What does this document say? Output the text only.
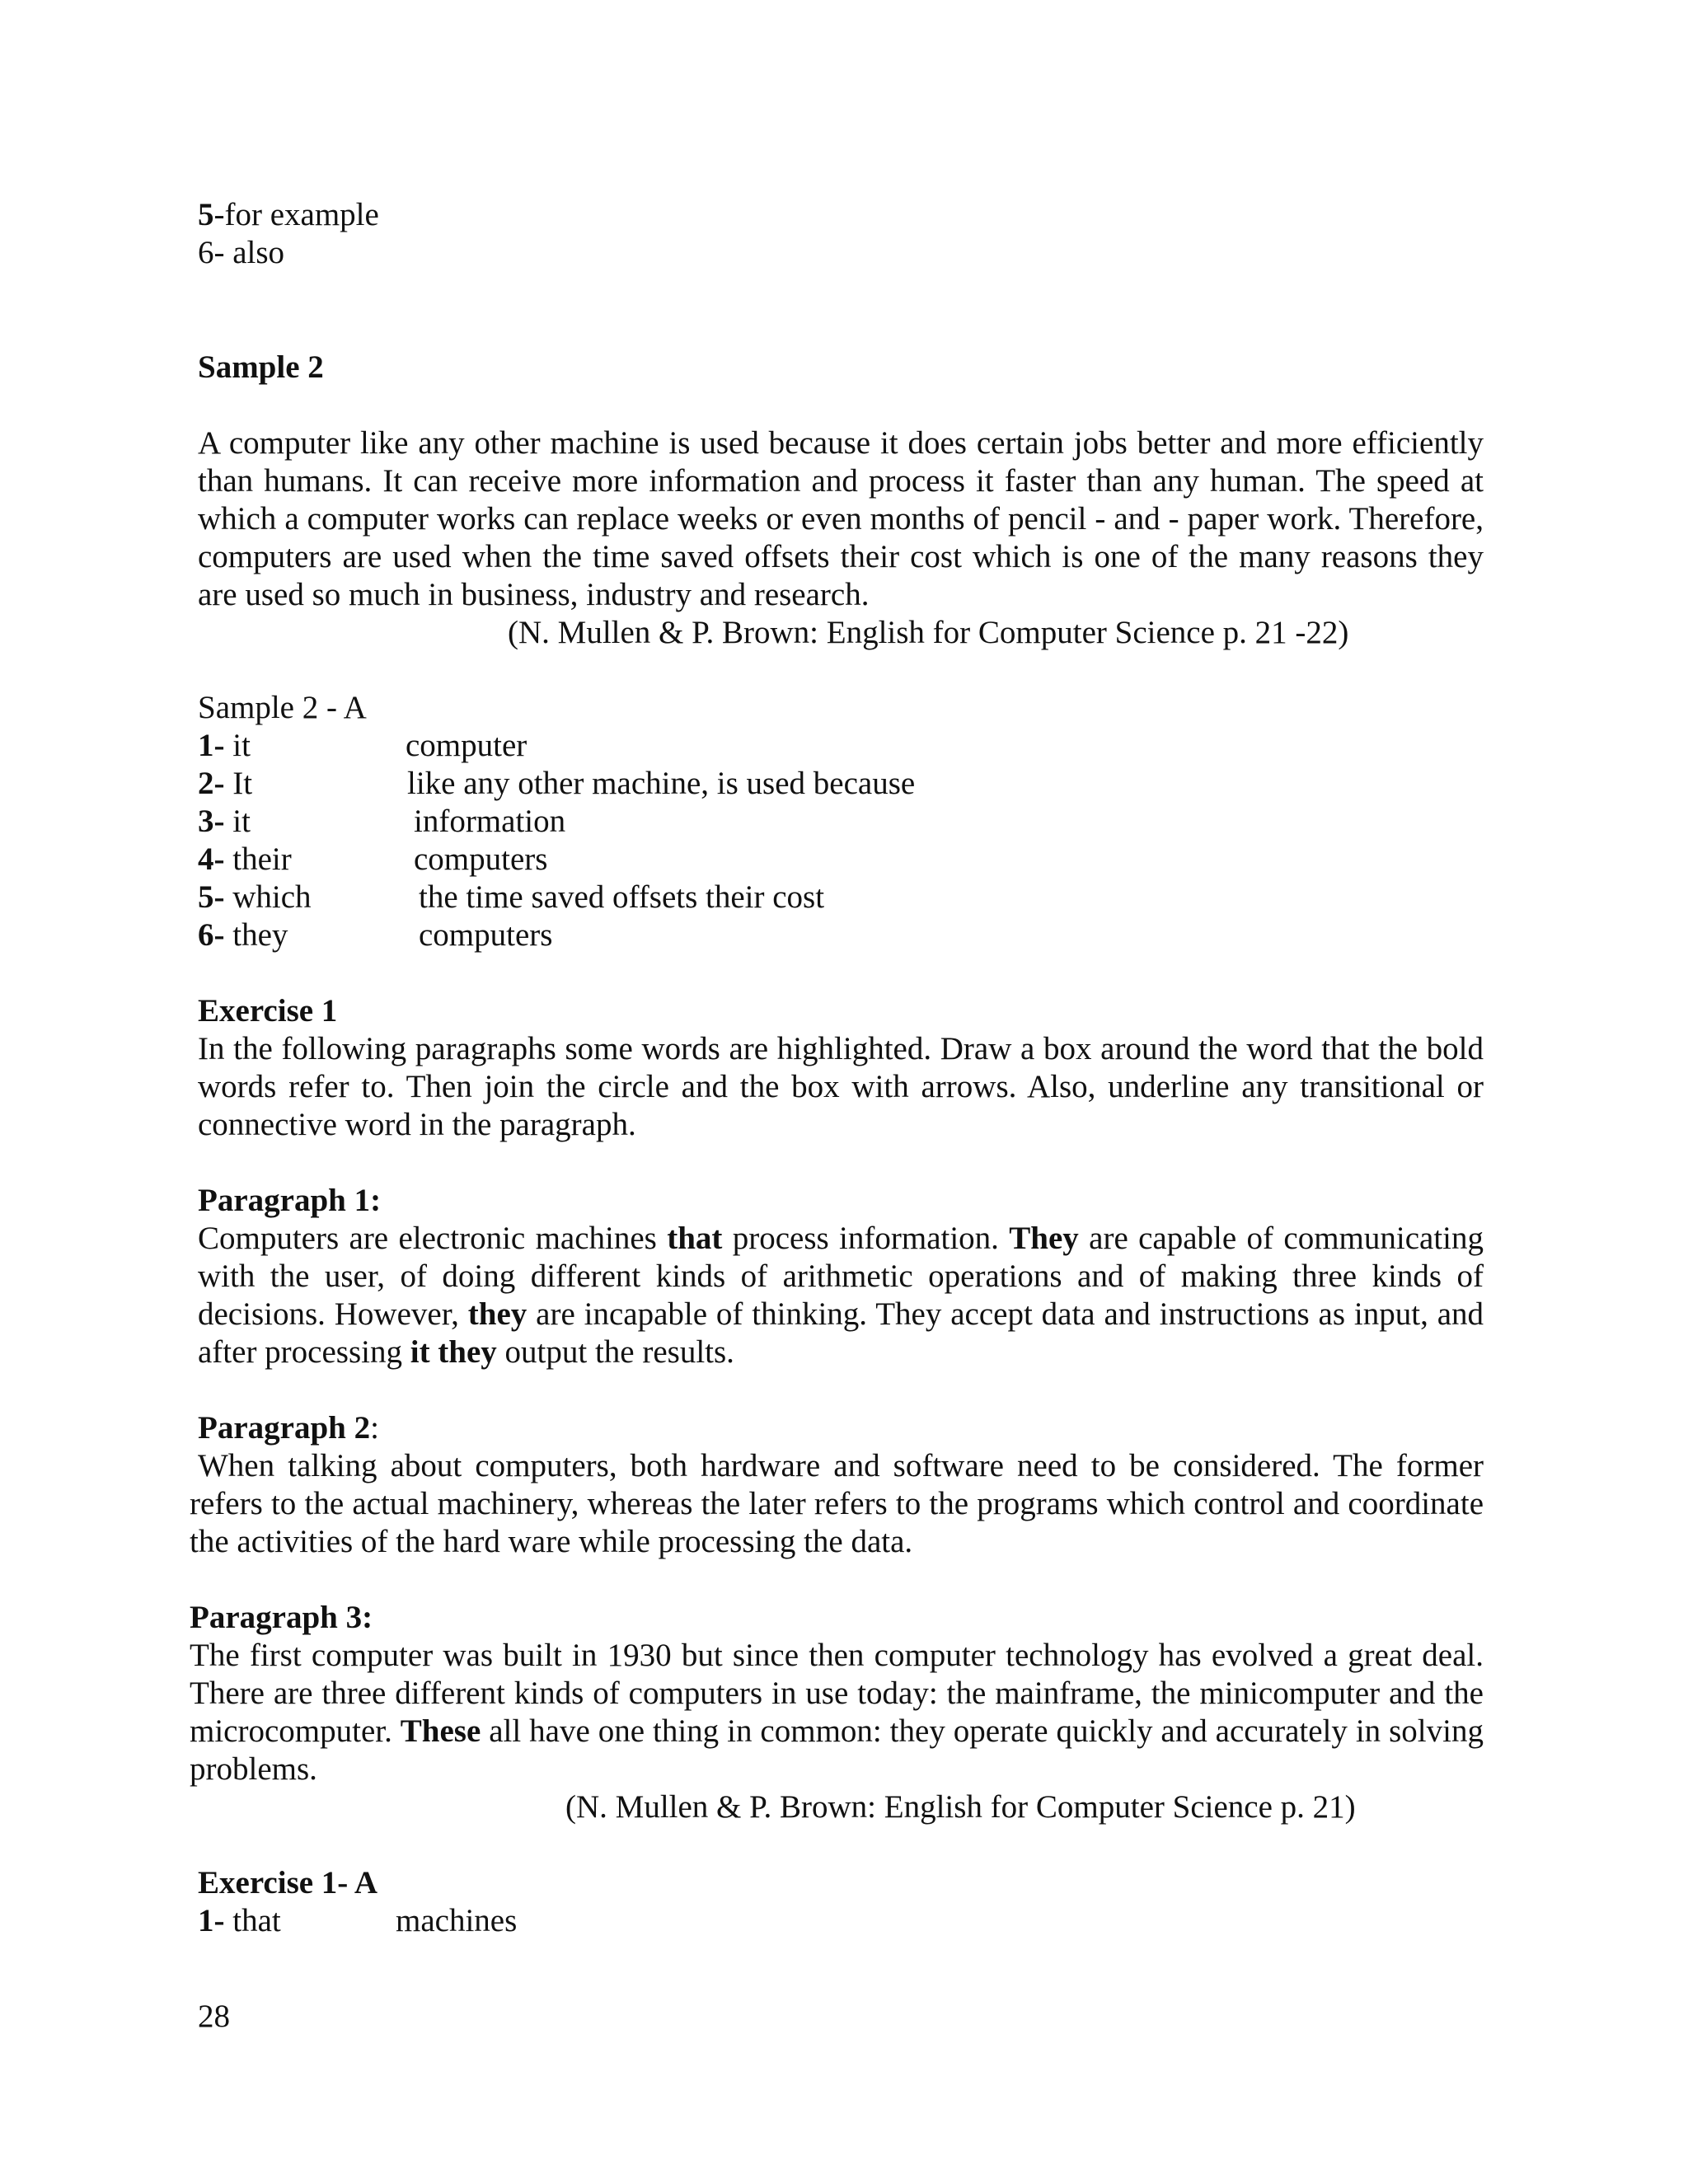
5-for example
6- also
Sample 2
A computer like any other machine is used because it does certain jobs better and more efficiently than humans. It can receive more information and process it faster than any human. The speed at which a computer works can replace weeks or even months of pencil - and - paper work. Therefore, computers are used when the time saved offsets their cost which is one of the many reasons they are used so much in business, industry and research.
(N. Mullen & P. Brown: English for Computer Science p. 21 -22)
Sample 2 - A
1- it	computer
2- It	like any other machine, is used because
3- it	information
4- their	computers
5- which	the time saved offsets their cost
6- they	computers
Exercise 1
In the following paragraphs some words are highlighted. Draw a box around the word that the bold words refer to. Then join the circle and the box with arrows. Also, underline any transitional or connective word in the paragraph.
Paragraph 1:
Computers are electronic machines that process information. They are capable of communicating with the user, of doing different kinds of arithmetic operations and of making three kinds of decisions. However, they are incapable of thinking. They accept data and instructions as input, and after processing it they output the results.
Paragraph 2:
When talking about computers, both hardware and software need to be considered. The former refers to the actual machinery, whereas the later refers to the programs which control and coordinate the activities of the hard ware while processing the data.
Paragraph 3:
The first computer was built in 1930 but since then computer technology has evolved a great deal. There are three different kinds of computers in use today: the mainframe, the minicomputer and the microcomputer. These all have one thing in common: they operate quickly and accurately in solving problems.
(N. Mullen & P. Brown: English for Computer Science p. 21)
Exercise 1- A
1- that	machines
28
